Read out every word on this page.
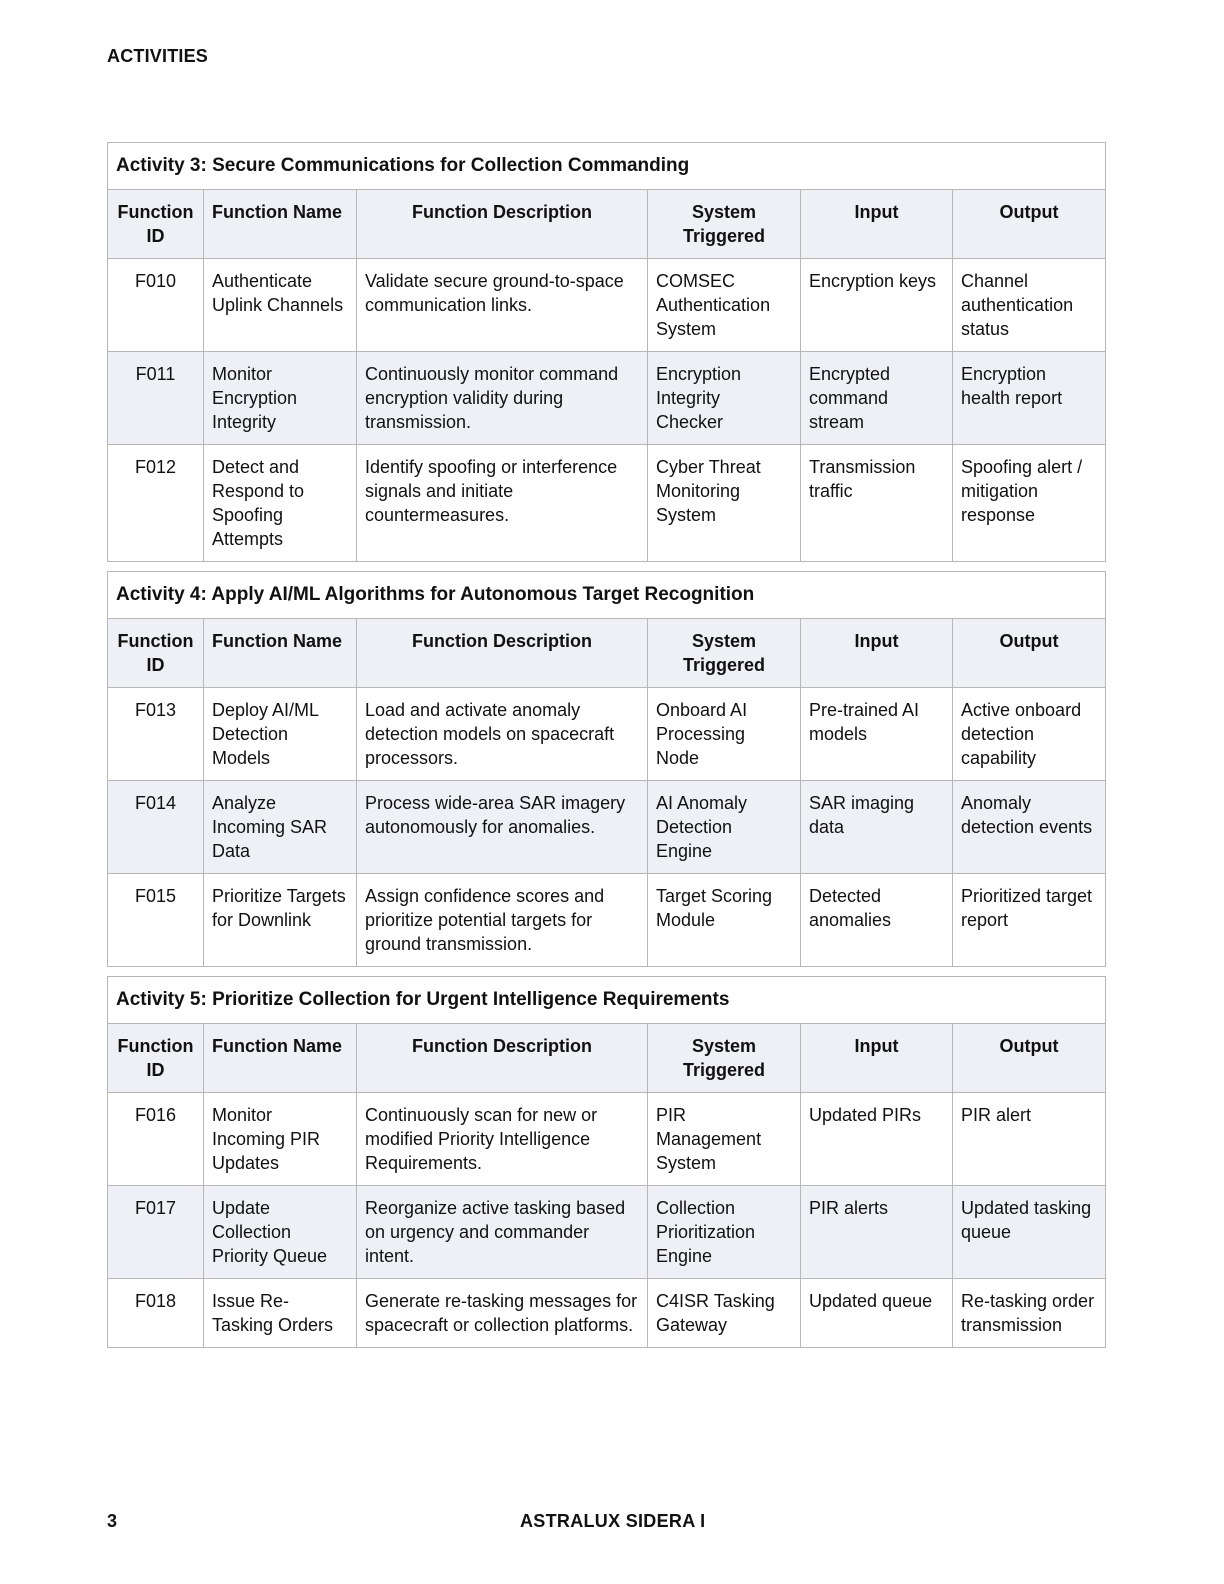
ACTIVITIES
Activity 3: Secure Communications for Collection Commanding					
Function ID	Function Name	Function Description	System Triggered	Input	Output
F010	Authenticate Uplink Channels	Validate secure ground-to-space communication links.	COMSEC Authentication System	Encryption keys	Channel authentication status
F011	Monitor Encryption Integrity	Continuously monitor command encryption validity during transmission.	Encryption Integrity Checker	Encrypted command stream	Encryption health report
F012	Detect and Respond to Spoofing Attempts	Identify spoofing or interference signals and initiate countermeasures.	Cyber Threat Monitoring System	Transmission traffic	Spoofing alert / mitigation response
Activity 4: Apply AI/ML Algorithms for Autonomous Target Recognition					
Function ID	Function Name	Function Description	System Triggered	Input	Output
F013	Deploy AI/ML Detection Models	Load and activate anomaly detection models on spacecraft processors.	Onboard AI Processing Node	Pre-trained AI models	Active onboard detection capability
F014	Analyze Incoming SAR Data	Process wide-area SAR imagery autonomously for anomalies.	AI Anomaly Detection Engine	SAR imaging data	Anomaly detection events
F015	Prioritize Targets for Downlink	Assign confidence scores and prioritize potential targets for ground transmission.	Target Scoring Module	Detected anomalies	Prioritized target report
Activity 5: Prioritize Collection for Urgent Intelligence Requirements					
Function ID	Function Name	Function Description	System Triggered	Input	Output
F016	Monitor Incoming PIR Updates	Continuously scan for new or modified Priority Intelligence Requirements.	PIR Management System	Updated PIRs	PIR alert
F017	Update Collection Priority Queue	Reorganize active tasking based on urgency and commander intent.	Collection Prioritization Engine	PIR alerts	Updated tasking queue
F018	Issue Re-Tasking Orders	Generate re-tasking messages for spacecraft or collection platforms.	C4ISR Tasking Gateway	Updated queue	Re-tasking order transmission
3	ASTRALUX SIDERA I
